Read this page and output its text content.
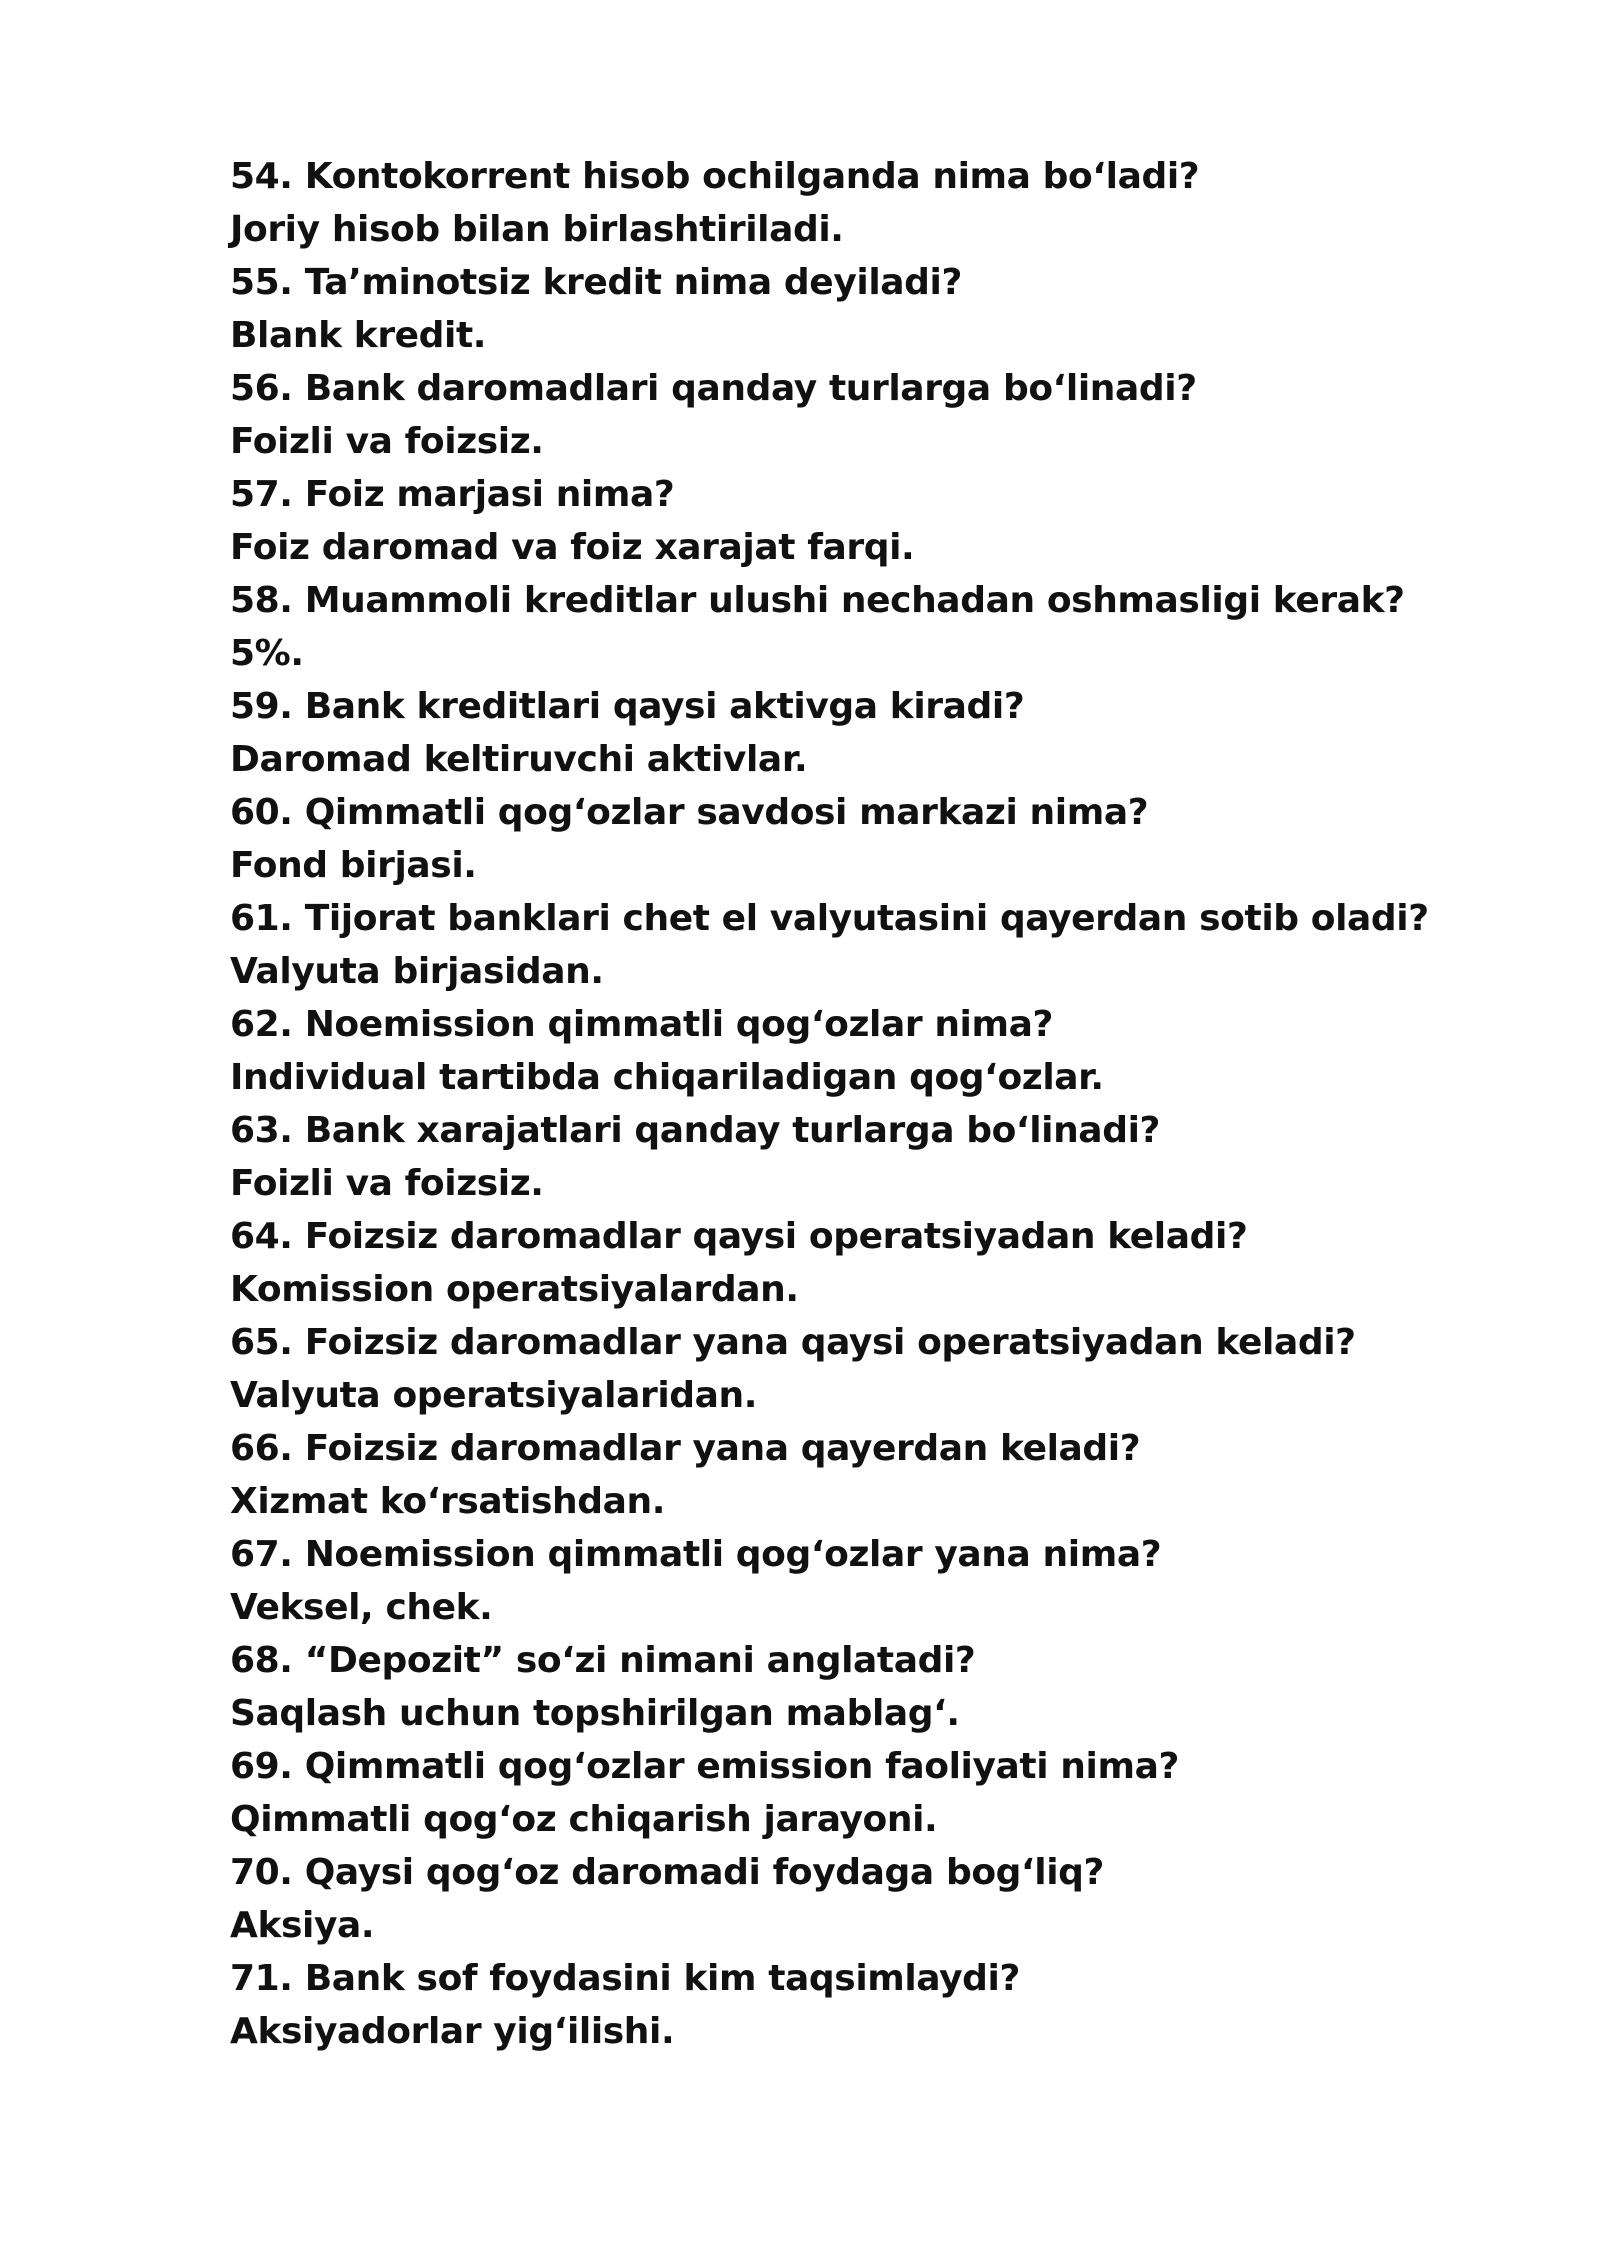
54. Kontokorrent hisob ochilganda nima bo‘ladi?
Joriy hisob bilan birlashtiriladi.
55. Ta’minotsiz kredit nima deyiladi?
Blank kredit.
56. Bank daromadlari qanday turlarga bo‘linadi?
Foizli va foizsiz.
57. Foiz marjasi nima?
Foiz daromad va foiz xarajat farqi.
58. Muammoli kreditlar ulushi nechadan oshmasligi kerak?
5%.
59. Bank kreditlari qaysi aktivga kiradi?
Daromad keltiruvchi aktivlar.
60. Qimmatli qog‘ozlar savdosi markazi nima?
Fond birjasi.
61. Tijorat banklari chet el valyutasini qayerdan sotib oladi?
Valyuta birjasidan.
62. Noemission qimmatli qog‘ozlar nima?
Individual tartibda chiqariladigan qog‘ozlar.
63. Bank xarajatlari qanday turlarga bo‘linadi?
Foizli va foizsiz.
64. Foizsiz daromadlar qaysi operatsiyadan keladi?
Komission operatsiyalardan.
65. Foizsiz daromadlar yana qaysi operatsiyadan keladi?
Valyuta operatsiyalaridan.
66. Foizsiz daromadlar yana qayerdan keladi?
Xizmat ko‘rsatishdan.
67. Noemission qimmatli qog‘ozlar yana nima?
Veksel, chek.
68. “Depozit” so‘zi nimani anglatadi?
Saqlash uchun topshirilgan mablag‘.
69. Qimmatli qog‘ozlar emission faoliyati nima?
Qimmatli qog‘oz chiqarish jarayoni.
70. Qaysi qog‘oz daromadi foydaga bog‘liq?
Aksiya.
71. Bank sof foydasini kim taqsimlaydi?
Aksiyadorlar yig‘ilishi.
